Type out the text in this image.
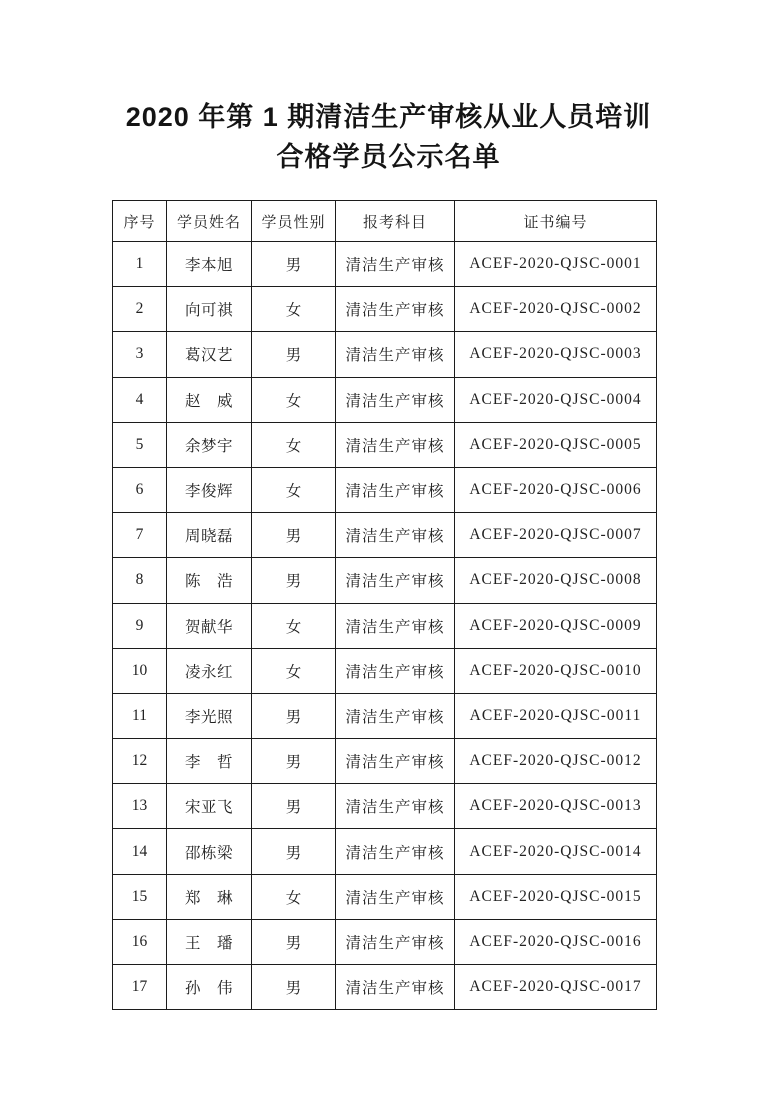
2020 年第 1 期清洁生产审核从业人员培训
合格学员公示名单
序号	学员姓名	学员性别	报考科目	证书编号
1	李本旭	男	清洁生产审核	ACEF-2020-QJSC-0001
2	向可祺	女	清洁生产审核	ACEF-2020-QJSC-0002
3	葛汉艺	男	清洁生产审核	ACEF-2020-QJSC-0003
4	赵　威	女	清洁生产审核	ACEF-2020-QJSC-0004
5	余梦宇	女	清洁生产审核	ACEF-2020-QJSC-0005
6	李俊辉	女	清洁生产审核	ACEF-2020-QJSC-0006
7	周晓磊	男	清洁生产审核	ACEF-2020-QJSC-0007
8	陈　浩	男	清洁生产审核	ACEF-2020-QJSC-0008
9	贺献华	女	清洁生产审核	ACEF-2020-QJSC-0009
10	凌永红	女	清洁生产审核	ACEF-2020-QJSC-0010
11	李光照	男	清洁生产审核	ACEF-2020-QJSC-0011
12	李　哲	男	清洁生产审核	ACEF-2020-QJSC-0012
13	宋亚飞	男	清洁生产审核	ACEF-2020-QJSC-0013
14	邵栋梁	男	清洁生产审核	ACEF-2020-QJSC-0014
15	郑　琳	女	清洁生产审核	ACEF-2020-QJSC-0015
16	王　璠	男	清洁生产审核	ACEF-2020-QJSC-0016
17	孙　伟	男	清洁生产审核	ACEF-2020-QJSC-0017
